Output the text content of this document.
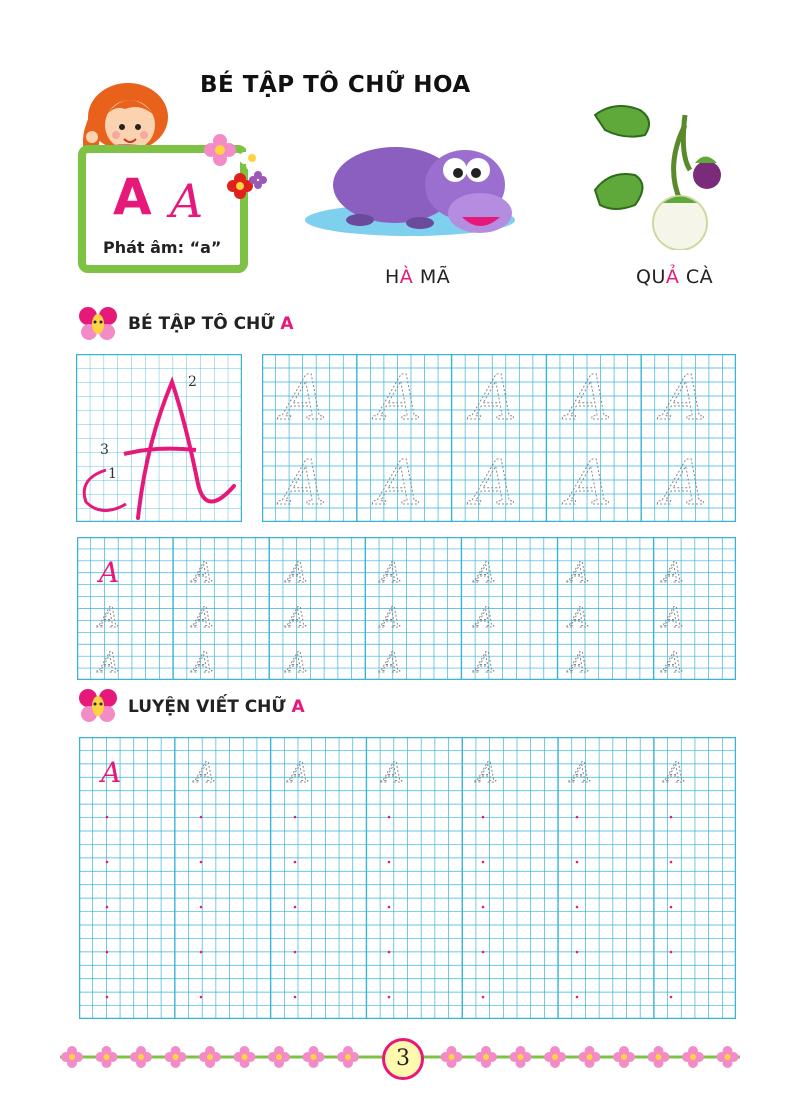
BÉ TẬP TÔ CHỮ HOA
A A
Phát âm: “a”
HÀ MÃ	QUẢ CÀ
BÉ TẬP TÔ CHỮ A
2
3
1
A A A A A
A A A A A
A	A	A	A	A	A	A
A	A	A	A	A	A	A
A	A	A	A	A	A	A
LUYỆN VIẾT CHỮ A
A	A	A	A	A	A	A
3
